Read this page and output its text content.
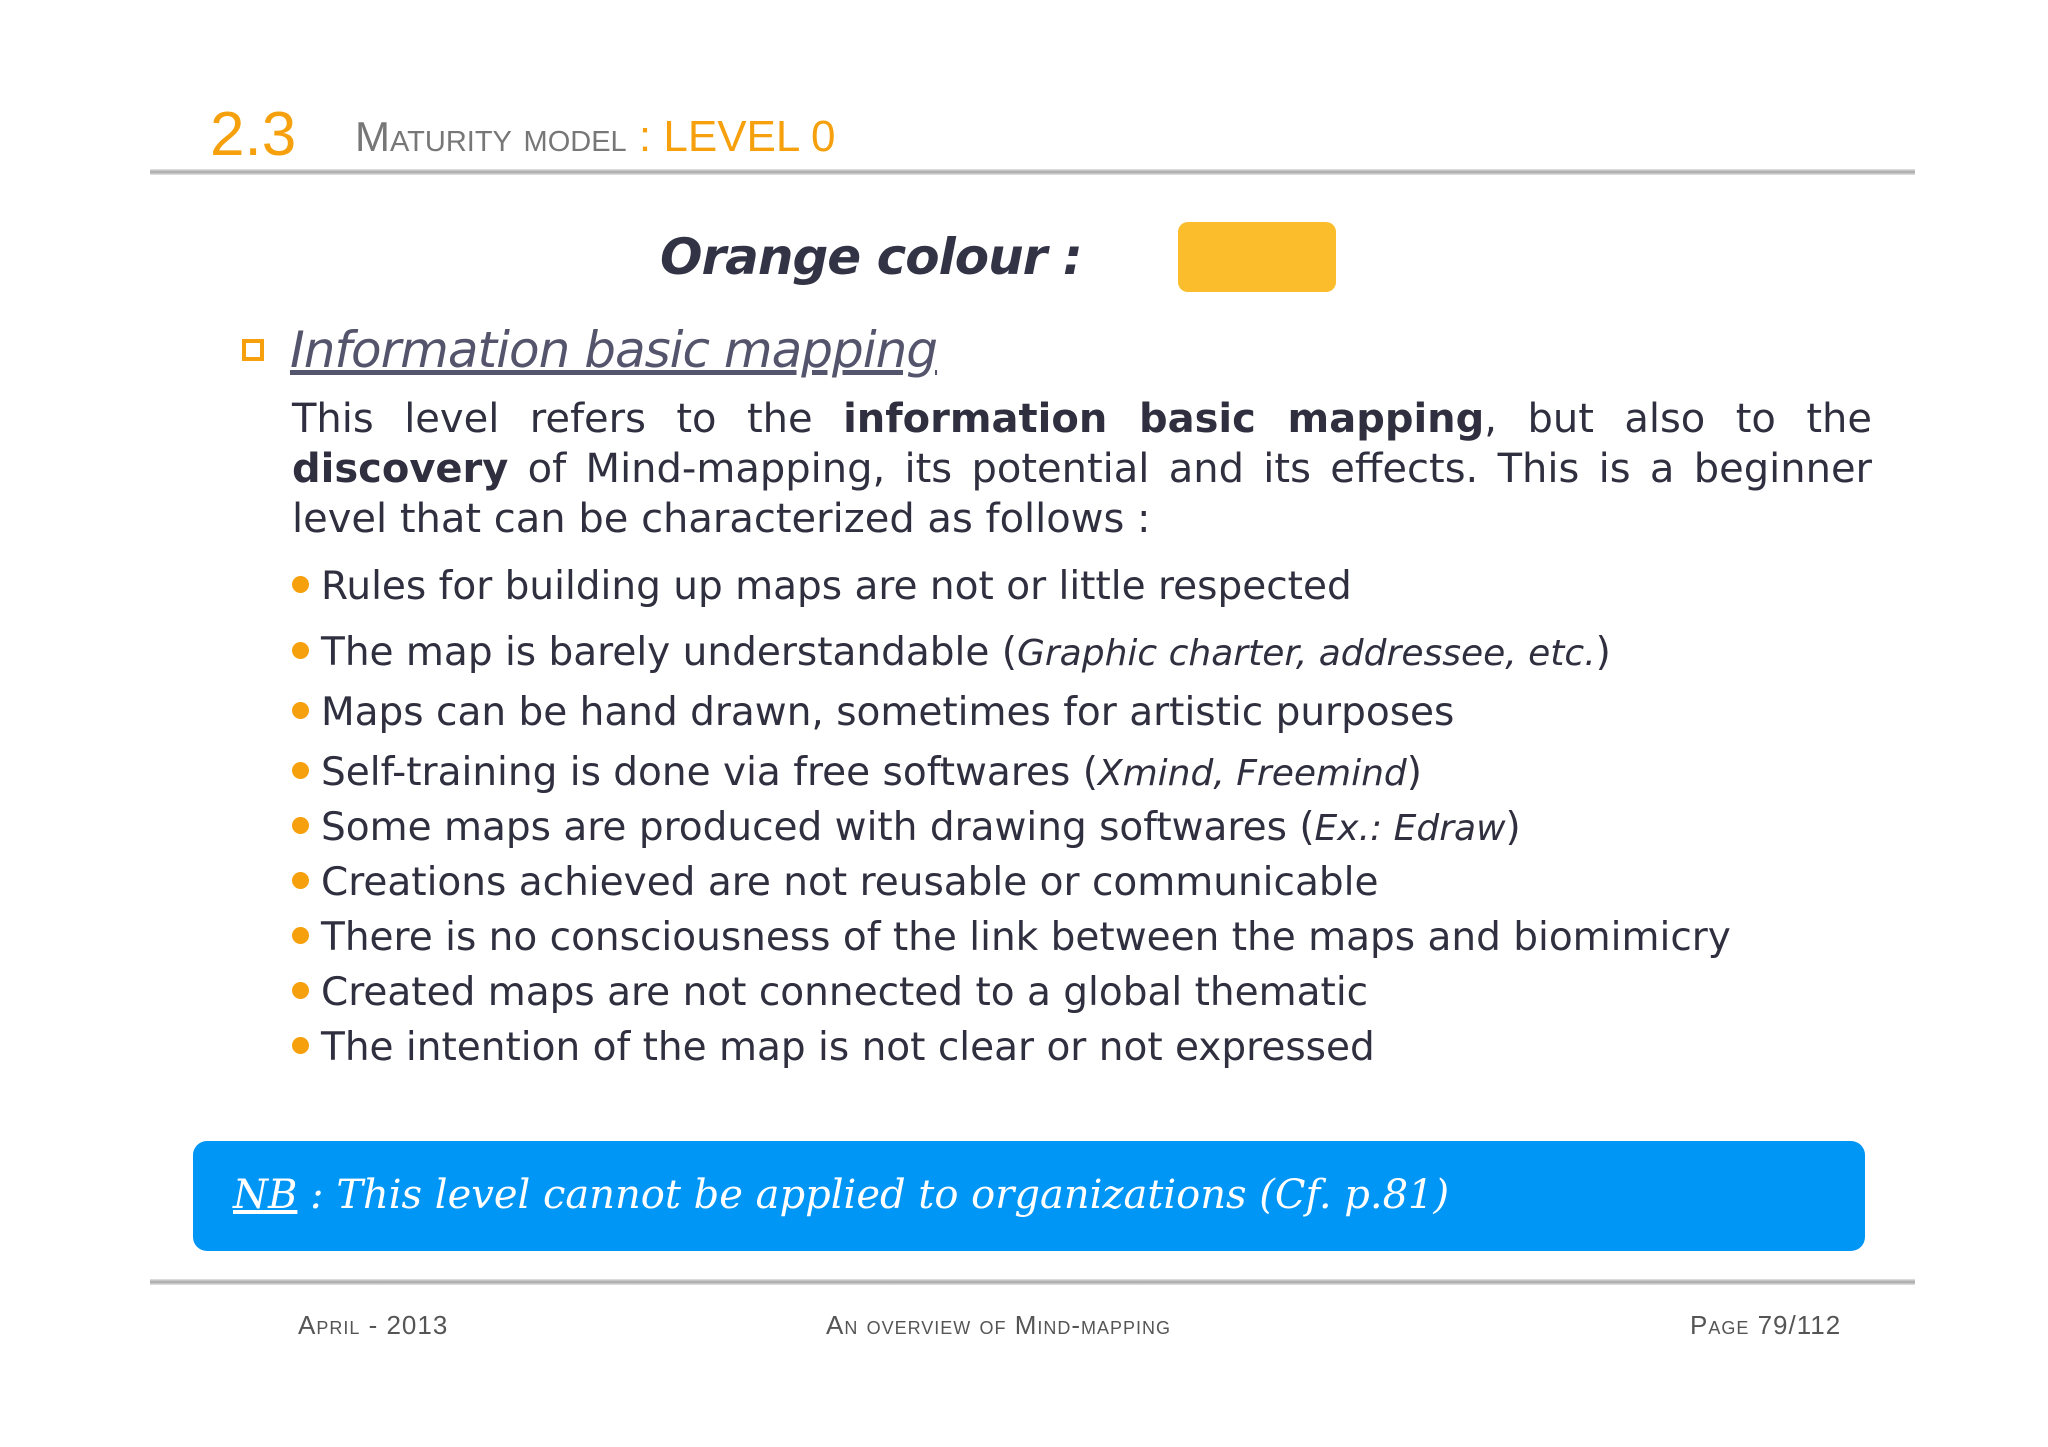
2.3 Maturity model : LEVEL 0
Orange colour :
Information basic mapping

This level refers to the information basic mapping, but also to the discovery of Mind-mapping, its potential and its effects. This is a beginner level that can be characterized as follows :

Rules for building up maps are not or little respected
The map is barely understandable (Graphic charter, addressee, etc.)
Maps can be hand drawn, sometimes for artistic purposes
Self-training is done via free softwares (Xmind, Freemind)
Some maps are produced with drawing softwares (Ex.: Edraw)
Creations achieved are not reusable or communicable
There is no consciousness of the link between the maps and biomimicry
Created maps are not connected to a global thematic
The intention of the map is not clear or not expressed
NB : This level cannot be applied to organizations (Cf. p.81)
April - 2013	An overview of Mind-mapping	Page 79/112
